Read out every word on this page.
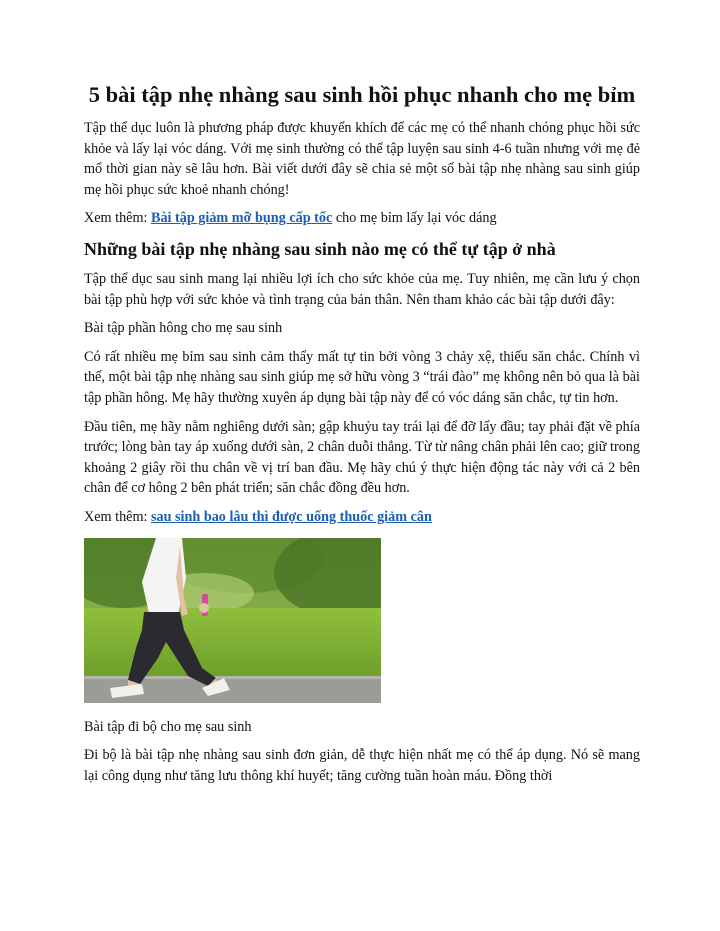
5 bài tập nhẹ nhàng sau sinh hồi phục nhanh cho mẹ bỉm

Tập thể dục luôn là phương pháp được khuyến khích để các mẹ có thể nhanh chóng phục hồi sức khỏe và lấy lại vóc dáng. Với mẹ sinh thường có thể tập luyện sau sinh 4-6 tuần nhưng với mẹ đẻ mổ thời gian này sẽ lâu hơn. Bài viết dưới đây sẽ chia sẻ một số bài tập nhẹ nhàng sau sinh giúp mẹ hồi phục sức khoẻ nhanh chóng!

Xem thêm: Bài tập giảm mỡ bụng cấp tốc cho mẹ bỉm lấy lại vóc dáng

Những bài tập nhẹ nhàng sau sinh nào mẹ có thể tự tập ở nhà

Tập thể dục sau sinh mang lại nhiều lợi ích cho sức khỏe của mẹ. Tuy nhiên, mẹ cần lưu ý chọn bài tập phù hợp với sức khỏe và tình trạng của bản thân. Nên tham khảo các bài tập dưới đây:

Bài tập phần hông cho mẹ sau sinh

Có rất nhiều mẹ bỉm sau sinh cảm thấy mất tự tin bởi vòng 3 chảy xệ, thiếu săn chắc. Chính vì thế, một bài tập nhẹ nhàng sau sinh giúp mẹ sở hữu vòng 3 “trái đào” mẹ không nên bỏ qua là bài tập phần hông. Mẹ hãy thường xuyên áp dụng bài tập này để có vóc dáng săn chắc, tự tin hơn.

Đầu tiên, mẹ hãy nằm nghiêng dưới sàn; gập khuỷu tay trái lại để đỡ lấy đầu; tay phải đặt về phía trước; lòng bàn tay áp xuống dưới sàn, 2 chân duỗi thẳng. Từ từ nâng chân phải lên cao; giữ trong khoảng 2 giây rồi thu chân về vị trí ban đầu. Mẹ hãy chú ý thực hiện động tác này với cả 2 bên chân để cơ hông 2 bên phát triển; săn chắc đồng đều hơn.

Xem thêm: sau sinh bao lâu thì được uống thuốc giảm cân

Bài tập đi bộ cho mẹ sau sinh

Đi bộ là bài tập nhẹ nhàng sau sinh đơn giản, dễ thực hiện nhất mẹ có thể áp dụng. Nó sẽ mang lại công dụng như tăng lưu thông khí huyết; tăng cường tuần hoàn máu. Đồng thời
